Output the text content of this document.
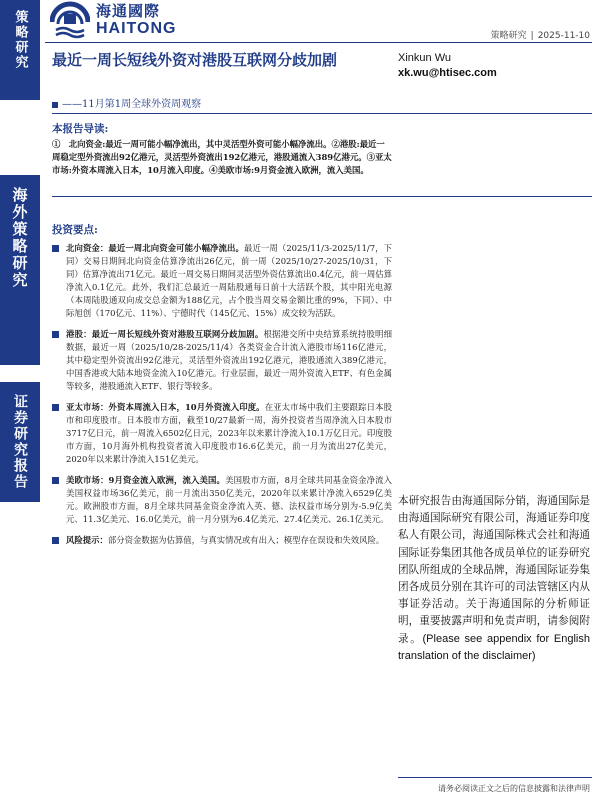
策略研究
海外策略研究
证券研究报告
海通國際
HAITONG	策略研究 | 2025-11-10
最近一周长短线外资对港股互联网分歧加剧
——11月第1周全球外资周观察
Xinkun Wu
xk.wu@htisec.com
本报告导读:
①　北向资金:最近一周可能小幅净流出，其中灵活型外资可能小幅净流出。②港股:最近一周稳定型外资流出92亿港元，灵活型外资流出192亿港元，港股通流入389亿港元。③亚太市场:外资本周流入日本，10月流入印度。④美欧市场:9月资金流入欧洲，流入美国。
投资要点:
北向资金：最近一周北向资金可能小幅净流出。最近一周（2025/11/3-2025/11/7，下同）交易日期间北向资金估算净流出26亿元，前一周（2025/10/27-2025/10/31，下同）估算净流出71亿元。最近一周交易日期间灵活型外资估算流出0.4亿元，前一周估算净流入0.1亿元。此外，我们汇总最近一周陆股通每日前十大活跃个股，其中阳光电源（本周陆股通双向成交总金额为188亿元，占个股当周交易金额比重的9%，下同）、中际旭创（170亿元、11%）、宁德时代（145亿元、15%）成交较为活跃。
港股：最近一周长短线外资对港股互联网分歧加剧。根据港交所中央结算系统持股明细数据，最近一周（2025/10/28-2025/11/4）各类资金合计流入港股市场116亿港元，其中稳定型外资流出92亿港元，灵活型外资流出192亿港元，港股通流入389亿港元，中国香港或大陆本地资金流入10亿港元。行业层面，最近一周外资流入ETF、有色金属等较多，港股通流入ETF、银行等较多。
亚太市场：外资本周流入日本，10月外资流入印度。在亚太市场中我们主要跟踪日本股市和印度股市。日本股市方面，截至10/27最新一周，海外投资者当周净流入日本股市3717亿日元，前一周流入6502亿日元，2023年以来累计净流入10.1万亿日元。印度股市方面，10月海外机构投资者流入印度股市16.6亿美元，前一月为流出27亿美元，2020年以来累计净流入151亿美元。
美欧市场：9月资金流入欧洲，流入美国。美国股市方面，8月全球共同基金资金净流入美国权益市场36亿美元，前一月流出350亿美元，2020年以来累计净流入6529亿美元。欧洲股市方面，8月全球共同基金资金净流入英、德、法权益市场分别为-5.9亿美元、11.3亿美元、16.0亿美元，前一月分别为6.4亿美元、27.4亿美元、26.1亿美元。
风险提示：部分资金数据为估算值，与真实情况或有出入；模型存在误设和失效风险。
本研究报告由海通国际分销，海通国际是由海通国际研究有限公司，海通证券印度私人有限公司，海通国际株式会社和海通国际证券集团其他各成员单位的证券研究团队所组成的全球品牌，海通国际证券集团各成员分别在其许可的司法管辖区内从事证券活动。关于海通国际的分析师证明，重要披露声明和免责声明，请参阅附录。(Please see appendix for English translation of the disclaimer)
请务必阅读正文之后的信息披露和法律声明
